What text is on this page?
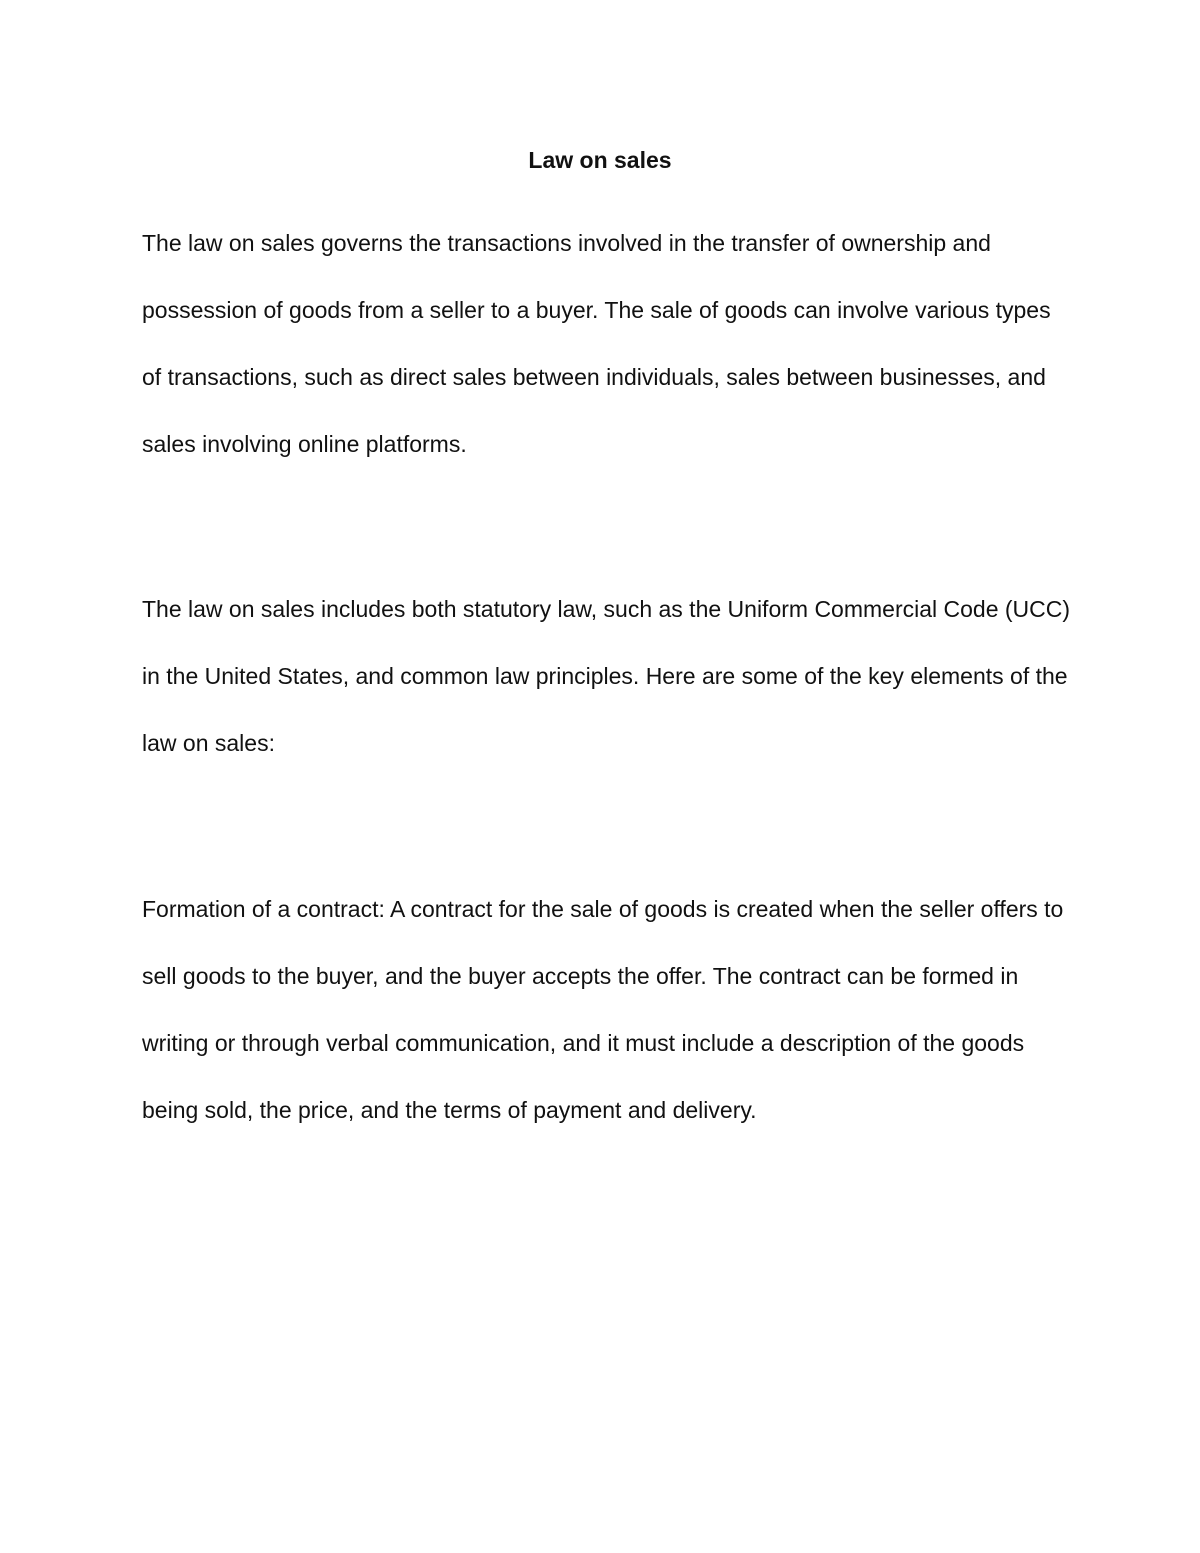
Law on sales

The law on sales governs the transactions involved in the transfer of ownership and possession of goods from a seller to a buyer. The sale of goods can involve various types of transactions, such as direct sales between individuals, sales between businesses, and sales involving online platforms.

The law on sales includes both statutory law, such as the Uniform Commercial Code (UCC) in the United States, and common law principles. Here are some of the key elements of the law on sales:

Formation of a contract: A contract for the sale of goods is created when the seller offers to sell goods to the buyer, and the buyer accepts the offer. The contract can be formed in writing or through verbal communication, and it must include a description of the goods being sold, the price, and the terms of payment and delivery.
